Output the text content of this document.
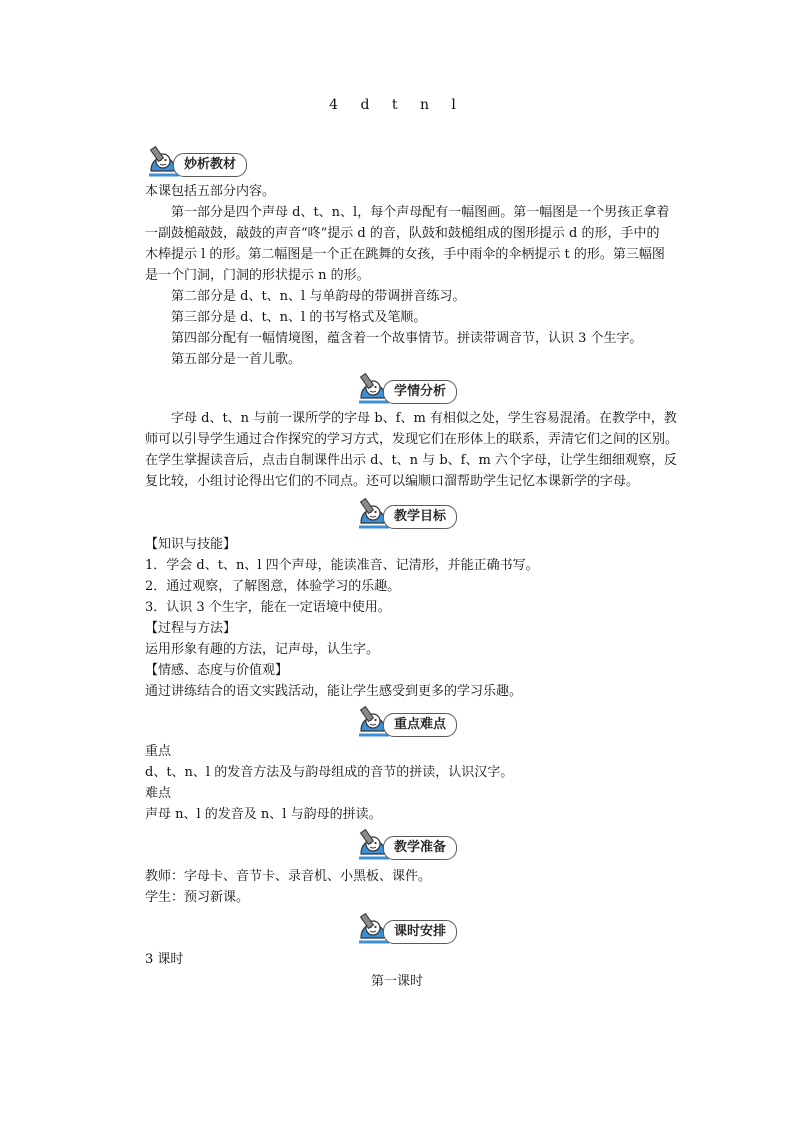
4 d t n l
妙析教材
本课包括五部分内容。
第一部分是四个声母 d、t、n、l，每个声母配有一幅图画。第一幅图是一个男孩正拿着
一副鼓槌敲鼓，敲鼓的声音“咚”提示 d 的音，队鼓和鼓槌组成的图形提示 d 的形，手中的
木棒提示 l 的形。第二幅图是一个正在跳舞的女孩，手中雨伞的伞柄提示 t 的形。第三幅图
是一个门洞，门洞的形状提示 n 的形。
第二部分是 d、t、n、l 与单韵母的带调拼音练习。
第三部分是 d、t、n、l 的书写格式及笔顺。
第四部分配有一幅情境图，蕴含着一个故事情节。拼读带调音节，认识 3 个生字。
第五部分是一首儿歌。
学情分析
字母 d、t、n 与前一课所学的字母 b、f、m 有相似之处，学生容易混淆。在教学中，教
师可以引导学生通过合作探究的学习方式，发现它们在形体上的联系，弄清它们之间的区别。
在学生掌握读音后，点击自制课件出示 d、t、n 与 b、f、m 六个字母，让学生细细观察，反
复比较，小组讨论得出它们的不同点。还可以编顺口溜帮助学生记忆本课新学的字母。
教学目标
【知识与技能】
1．学会 d、t、n、l 四个声母，能读准音、记清形，并能正确书写。
2．通过观察，了解图意，体验学习的乐趣。
3．认识 3 个生字，能在一定语境中使用。
【过程与方法】
运用形象有趣的方法，记声母，认生字。
【情感、态度与价值观】
通过讲练结合的语文实践活动，能让学生感受到更多的学习乐趣。
重点难点
重点
d、t、n、l 的发音方法及与韵母组成的音节的拼读，认识汉字。
难点
声母 n、l 的发音及 n、l 与韵母的拼读。
教学准备
教师：字母卡、音节卡、录音机、小黑板、课件。
学生：预习新课。
课时安排
3 课时
第一课时
